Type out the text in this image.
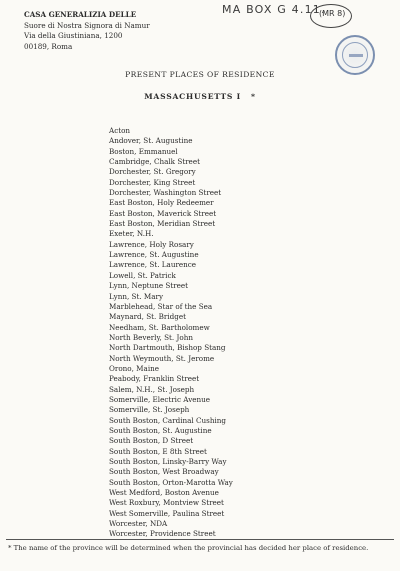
CASA GENERALIZIA DELLE
Suore di Nostra Signora di Namur
Via della Giustiniana, 1200
00189, Roma
MA BOX G 4.11.
(MR 8)
PRESENT PLACES OF RESIDENCE
MASSACHUSETTS I *
Acton
Andover, St. Augustine
Boston, Emmanuel
Cambridge, Chalk Street
Dorchester, St. Gregory
Dorchester, King Street
Dorchester, Washington Street
East Boston, Holy Redeemer
East Boston, Maverick Street
East Boston, Meridian Street
Exeter, N.H.
Lawrence, Holy Rosary
Lawrence, St. Augustine
Lawrence, St. Laurence
Lowell, St. Patrick
Lynn, Neptune Street
Lynn, St. Mary
Marblehead, Star of the Sea
Maynard, St. Bridget
Needham, St. Bartholomew
North Beverly, St. John
North Dartmouth, Bishop Stang
North Weymouth, St. Jerome
Orono, Maine
Peabody, Franklin Street
Salem, N.H., St. Joseph
Somerville, Electric Avenue
Somerville, St. Joseph
South Boston, Cardinal Cushing
South Boston, St. Augustine
South Boston, D Street
South Boston, E 8th Street
South Boston, Linsky-Barry Way
South Boston, West Broadway
South Boston, Orton-Marotta Way
West Medford, Boston Avenue
West Roxbury, Montview Street
West Somerville, Paulina Street
Worcester, NDA
Worcester, Providence Street
* The name of the province will be determined when the provincial has decided her place of residence.
